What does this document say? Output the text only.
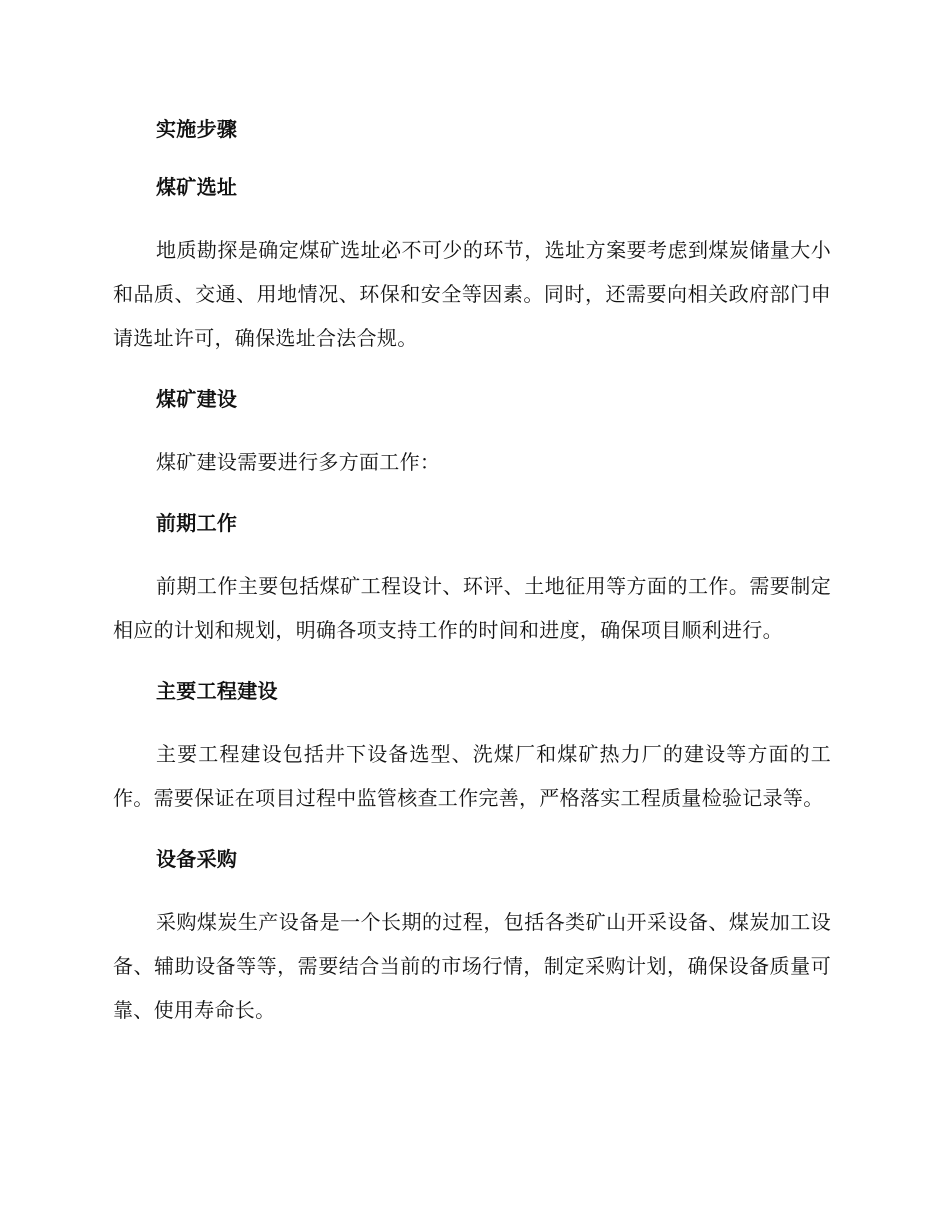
实施步骤
煤矿选址

地质勘探是确定煤矿选址必不可少的环节，选址方案要考虑到煤炭储量大小和品质、交通、用地情况、环保和安全等因素。同时，还需要向相关政府部门申请选址许可，确保选址合法合规。

煤矿建设

煤矿建设需要进行多方面工作：

前期工作

前期工作主要包括煤矿工程设计、环评、土地征用等方面的工作。需要制定相应的计划和规划，明确各项支持工作的时间和进度，确保项目顺利进行。

主要工程建设

主要工程建设包括井下设备选型、洗煤厂和煤矿热力厂的建设等方面的工作。需要保证在项目过程中监管核查工作完善，严格落实工程质量检验记录等。

设备采购

采购煤炭生产设备是一个长期的过程，包括各类矿山开采设备、煤炭加工设备、辅助设备等等，需要结合当前的市场行情，制定采购计划，确保设备质量可靠、使用寿命长。
